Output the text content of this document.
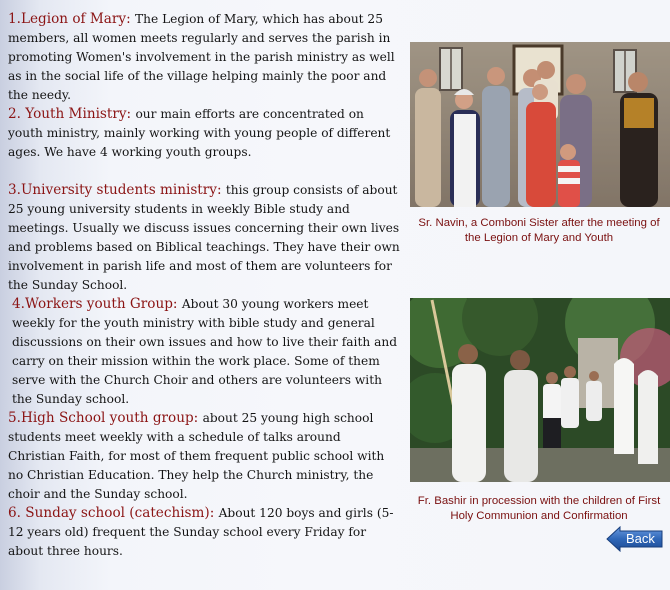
1.Legion of Mary: The Legion of Mary, which has about 25 members, all women meets regularly and serves the parish in promoting Women's involvement in the parish ministry as well as in the social life of the village helping mainly the poor and the needy.

2. Youth Ministry: our main efforts are concentrated on youth ministry, mainly working with young people of different ages. We have 4 working youth groups.

3.University students ministry: this group consists of about 25 young university students in weekly Bible study and meetings. Usually we discuss issues concerning their own lives and problems based on Biblical teachings. They have their own involvement in parish life and most of them are volunteers for the Sunday School.

4.Workers youth Group: About 30 young workers meet weekly for the youth ministry with bible study and general discussions on their own issues and how to live their faith and carry on their mission within the work place. Some of them serve with the Church Choir and others are volunteers with the Sunday school.

5.High School youth group: about 25 young high school students meet weekly with a schedule of talks around Christian Faith, for most of them frequent public school with no Christian Education. They help the Church ministry, the choir and the Sunday school.

6. Sunday school (catechism): About 120 boys and girls (5-12 years old) frequent the Sunday school every Friday for about three hours.

Sr. Navin, a Comboni Sister after the meeting of the Legion of Mary and Youth
Fr. Bashir in procession with the children of First Holy Communion and Confirmation
Back
